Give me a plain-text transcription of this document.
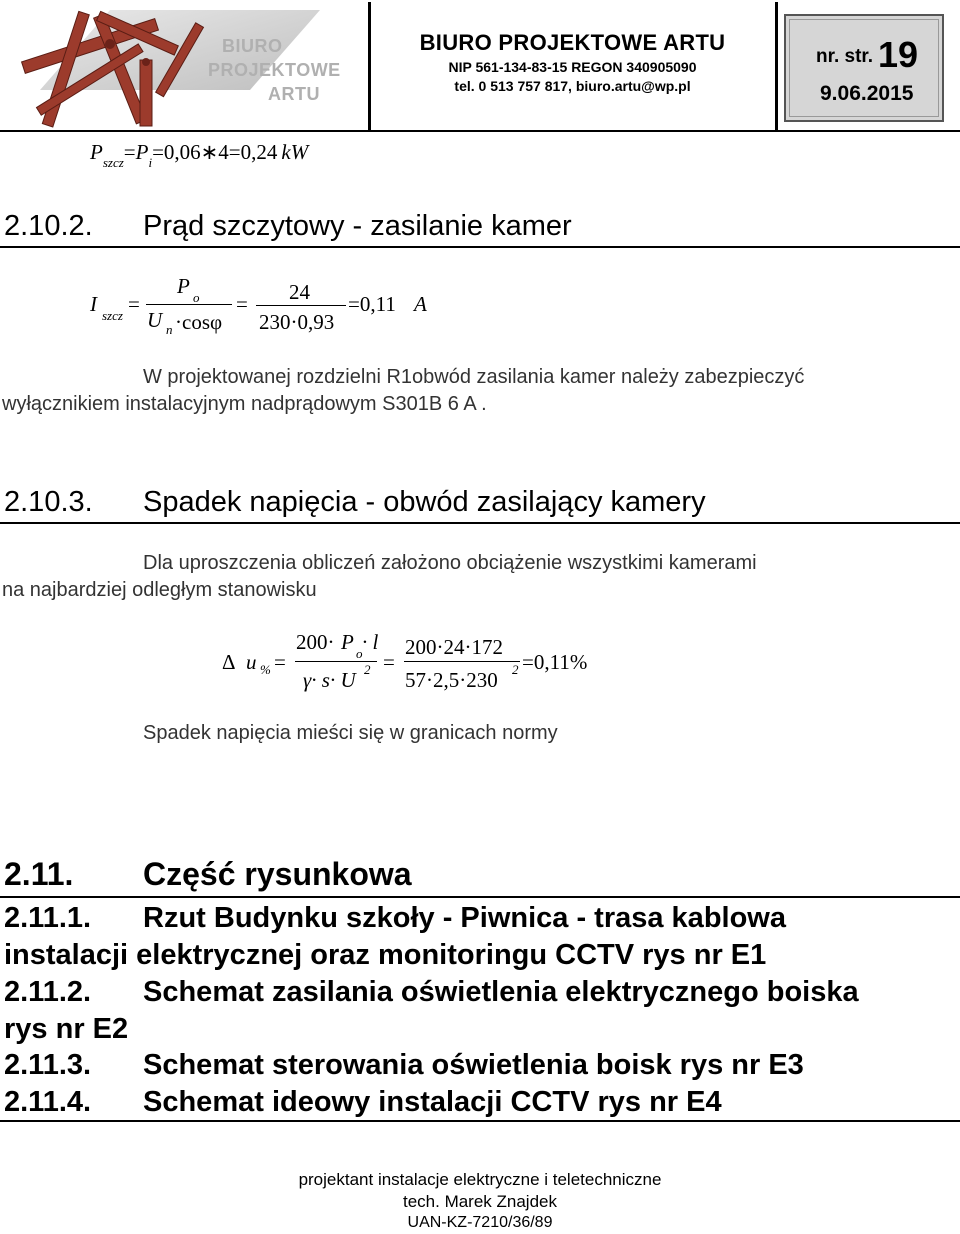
BIURO
PROJEKTOWE
ARTU
BIURO PROJEKTOWE ARTU
NIP 561-134-83-15 REGON 340905090
tel. 0 513 757 817, biuro.artu@wp.pl
nr. str. 19
9.06.2015
$P_{szcz}=P_i=0,06∗4=0,24$ kW
2.10.2. Prąd szczytowy - zasilanie kamer
I szcz =
P o
U n ·cosφ
= 24
230·0,93
=0,11 A
W projektowanej rozdzielni R1obwód zasilania kamer należy zabezpieczyć
wyłącznikiem instalacyjnym nadprądowym S301B 6 A .
2.10.3. Spadek napięcia - obwód zasilający kamery
Dla uproszczenia obliczeń założono obciążenie wszystkimi kamerami
na najbardziej odległym stanowisku
Δ u % =
200· P o · l
γ· s· U 2 =
200·24·172
57·2,5·230 2 =0,11%
Spadek napięcia mieści się w granicach normy
2.11. Część rysunkowa
2.11.1. Rzut Budynku szkoły - Piwnica - trasa kablowa
instalacji elektrycznej oraz monitoringu CCTV rys nr E1
2.11.2. Schemat zasilania oświetlenia elektrycznego boiska
rys nr E2
2.11.3. Schemat sterowania oświetlenia boisk rys nr E3
2.11.4. Schemat ideowy instalacji CCTV rys nr E4
projektant instalacje elektryczne i teletechniczne
tech. Marek Znajdek
UAN-KZ-7210/36/89
